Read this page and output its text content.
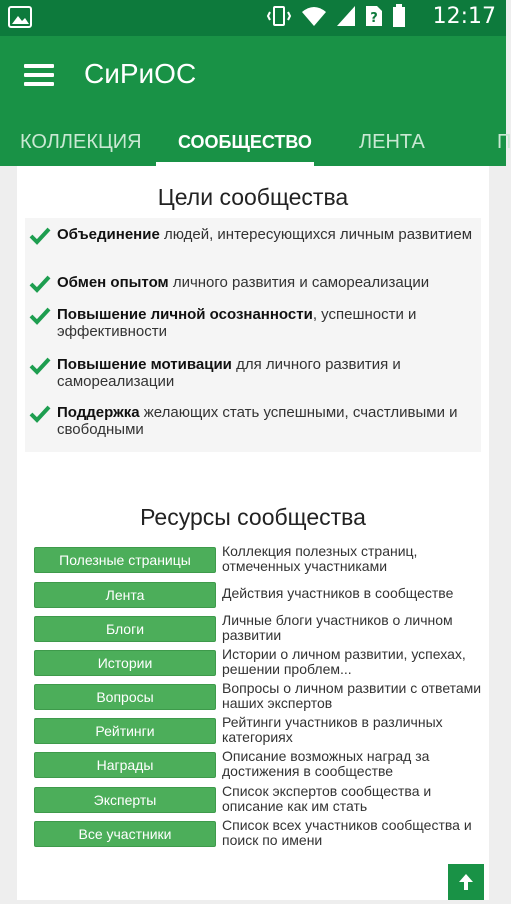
? 12:17
СиРиОС
КОЛЛЕКЦИЯ СООБЩЕСТВО ЛЕНТА	П
Цели сообщества
Объединение людей, интересующихся личным развитием
Обмен опытом личного развития и самореализации
Повышение личной осознанности, успешности и эффективности
Повышение мотивации для личного развития и самореализации
Поддержка желающих стать успешными, счастливыми и свободными
Ресурсы сообщества
Полезные страницы
Коллекция полезных страниц, отмеченных участниками
Лента	Действия участников в сообществе
Блоги
Личные блоги участников о личном развитии
Истории
Истории о личном развитии, успехах, решении проблем...
Вопросы
Вопросы о личном развитии с ответами наших экспертов
Рейтинги
Рейтинги участников в различных категориях
Награды
Описание возможных наград за достижения в сообществе
Эксперты
Список экспертов сообщества и описание как им стать
Все участники
Список всех участников сообщества и поиск по имени
